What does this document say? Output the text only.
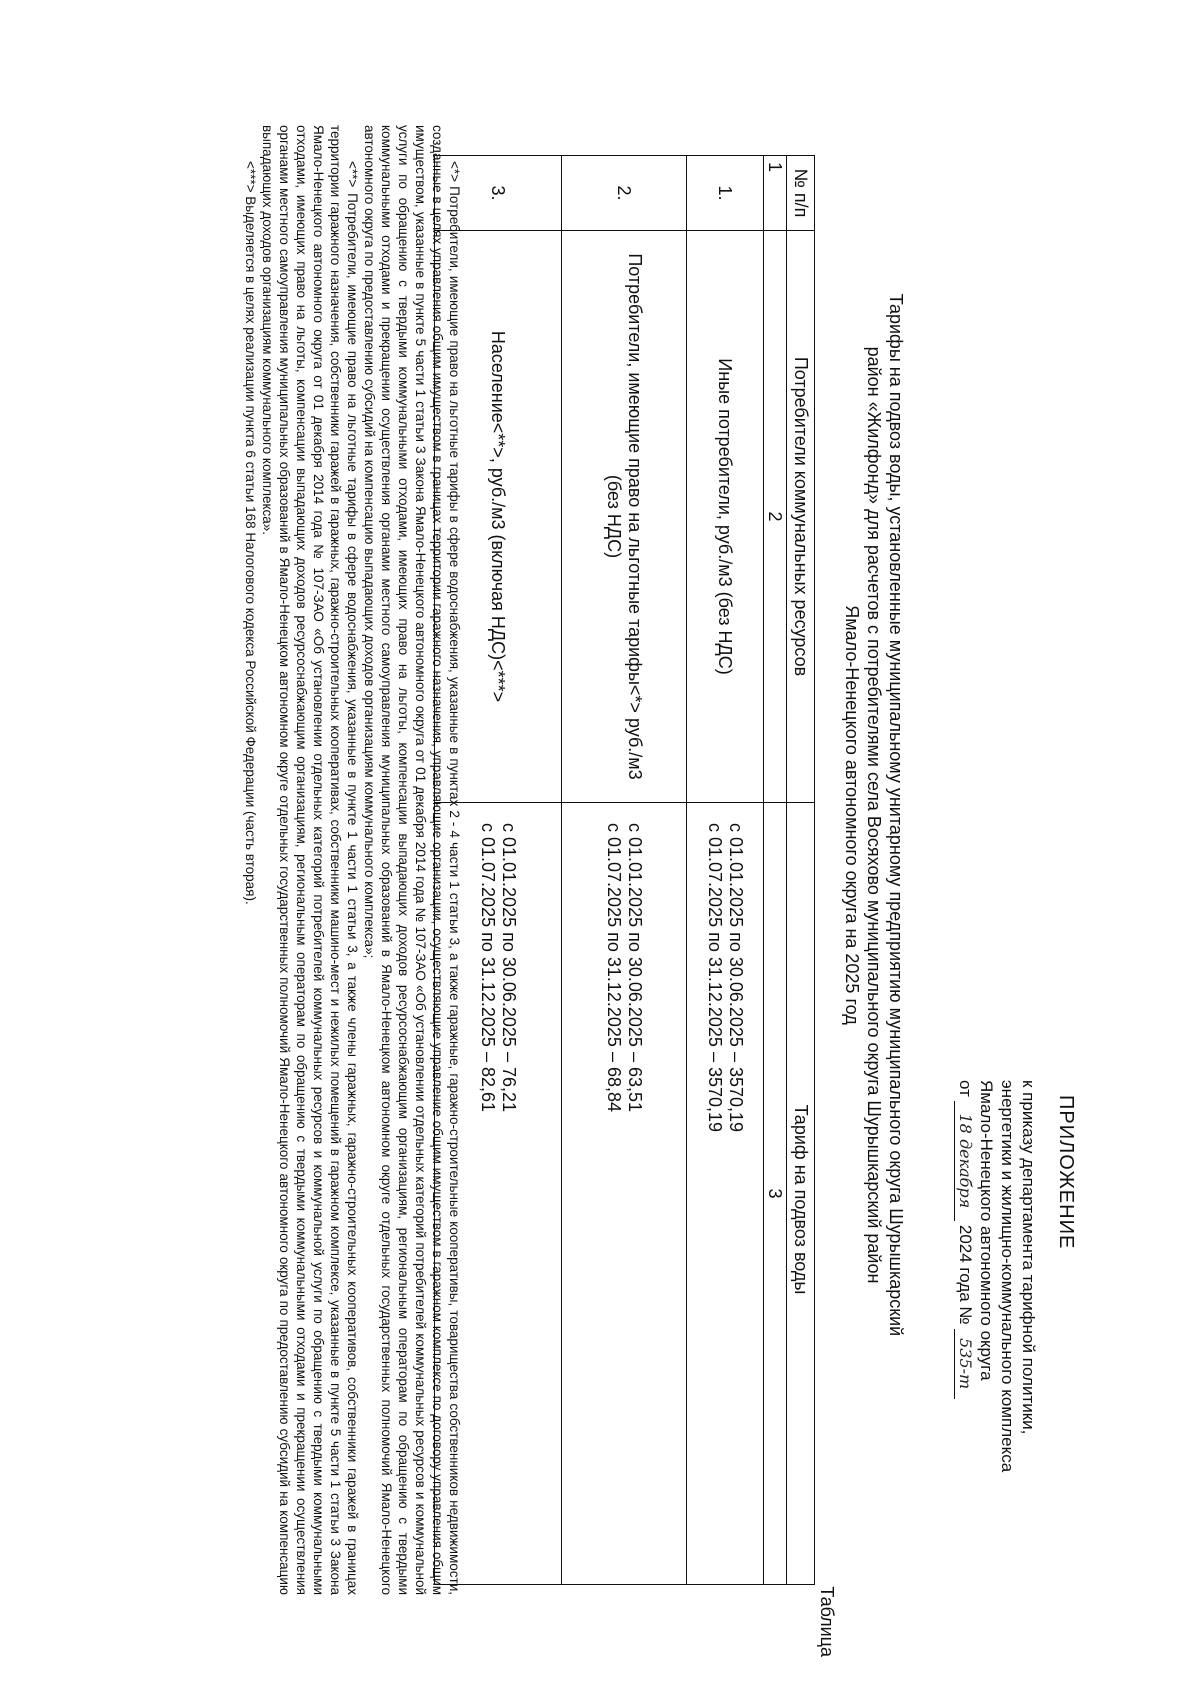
ПРИЛОЖЕНИЕ
к приказу департамента тарифной политики,
энергетики и жилищно-коммунального комплекса
Ямало-Ненецкого автономного округа
от
18 декабря
2024 года №
535-т
Тарифы на подвоз воды, установленные муниципальному унитарному предприятию муниципального округа Шурышкарский
район «Жилфонд» для расчетов с потребителями села Восяхово муниципального округа Шурышкарский район
Ямало-Ненецкого автономного округа на 2025 год
Таблица
№ п/п	Потребители коммунальных ресурсов	Тариф на подвоз воды
1	2	3
1.	Иные потребители, руб./м3 (без НДС)	с 01.01.2025 по 30.06.2025 – 3570,19
с 01.07.2025 по 31.12.2025 – 3570,19

2.	Потребители, имеющие право на льготные тарифы<*> руб./м3 (без НДС)	с 01.01.2025 по 30.06.2025 – 63,51
с 01.07.2025 по 31.12.2025 – 68,84

3.	Население<**>, руб./м3 (включая НДС)<***>	с 01.01.2025 по 30.06.2025 – 76,21
с 01.07.2025 по 31.12.2025 – 82,61

<*> Потребители, имеющие право на льготные тарифы в сфере водоснабжения, указанные в пунктах 2 - 4 части 1 статьи 3, а также гаражные, гаражно-строительные кооперативы, товарищества собственников недвижимости, созданные в целях управления общим имуществом в границах территории гаражного назначения, управляющие организации, осуществляющие управление общим имуществом в гаражном комплексе по договору управления общим имуществом, указанные в пункте 5 части 1 статьи 3 Закона Ямало-Ненецкого автономного округа от 01 декабря 2014 года № 107-ЗАО «Об установлении отдельных категорий потребителей коммунальных ресурсов и коммунальной услуги по обращению с твердыми коммунальными отходами, имеющих право на льготы, компенсации выпадающих доходов ресурсоснабжающим организациям, региональным операторам по обращению с твердыми коммунальными отходами и прекращении осуществления органами местного самоуправления муниципальных образований в Ямало-Ненецком автономном округе отдельных государственных полномочий Ямало-Ненецкого автономного округа по предоставлению субсидий на компенсацию выпадающих доходов организациям коммунального комплекса»;

<**> Потребители, имеющие право на льготные тарифы в сфере водоснабжения, указанные в пункте 1 части 1 статьи 3, а также члены гаражных, гаражно-строительных кооперативов, собственники гаражей в границах территории гаражного назначения, собственники гаражей в гаражных, гаражно-строительных кооперативах, собственники машино-мест и нежилых помещений в гаражном комплексе, указанные в пункте 5 части 1 статьи 3 Закона Ямало-Ненецкого автономного округа от 01 декабря 2014 года № 107-ЗАО «Об установлении отдельных категорий потребителей коммунальных ресурсов и коммунальной услуги по обращению с твердыми коммунальными отходами, имеющих право на льготы, компенсации выпадающих доходов ресурсоснабжающим организациям, региональным операторам по обращению с твердыми коммунальными отходами и прекращении осуществления органами местного самоуправления муниципальных образований в Ямало-Ненецком автономном округе отдельных государственных полномочий Ямало-Ненецкого автономного округа по предоставлению субсидий на компенсацию выпадающих доходов организациям коммунального комплекса».

<***> Выделяется в целях реализации пункта 6 статьи 168 Налогового кодекса Российской Федерации (часть вторая).
